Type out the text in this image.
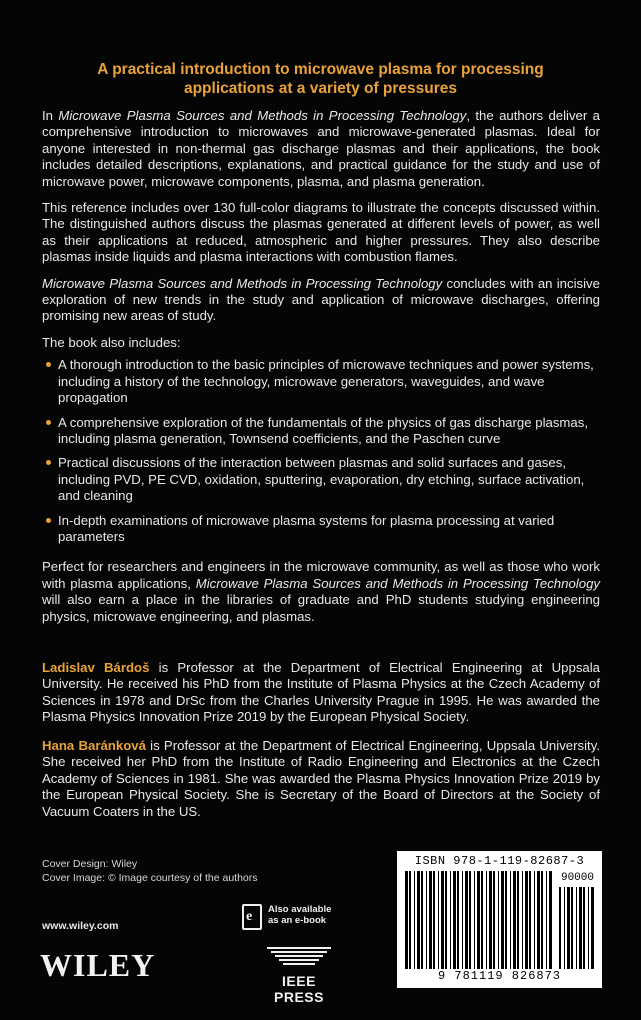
A practical introduction to microwave plasma for processing applications at a variety of pressures

In Microwave Plasma Sources and Methods in Processing Technology, the authors deliver a comprehensive introduction to microwaves and microwave-generated plasmas. Ideal for anyone interested in non-thermal gas discharge plasmas and their applications, the book includes detailed descriptions, explanations, and practical guidance for the study and use of microwave power, microwave components, plasma, and plasma generation.

This reference includes over 130 full-color diagrams to illustrate the concepts discussed within. The distinguished authors discuss the plasmas generated at different levels of power, as well as their applications at reduced, atmospheric and higher pressures. They also describe plasmas inside liquids and plasma interactions with combustion flames.

Microwave Plasma Sources and Methods in Processing Technology concludes with an incisive exploration of new trends in the study and application of microwave discharges, offering promising new areas of study.

The book also includes:

A thorough introduction to the basic principles of microwave techniques and power systems, including a history of the technology, microwave generators, waveguides, and wave propagation
A comprehensive exploration of the fundamentals of the physics of gas discharge plasmas, including plasma generation, Townsend coefficients, and the Paschen curve
Practical discussions of the interaction between plasmas and solid surfaces and gases, including PVD, PE CVD, oxidation, sputtering, evaporation, dry etching, surface activation, and cleaning
In-depth examinations of microwave plasma systems for plasma processing at varied parameters

Perfect for researchers and engineers in the microwave community, as well as those who work with plasma applications, Microwave Plasma Sources and Methods in Processing Technology will also earn a place in the libraries of graduate and PhD students studying engineering physics, microwave engineering, and plasmas.

Ladislav Bárdoš is Professor at the Department of Electrical Engineering at Uppsala University. He received his PhD from the Institute of Plasma Physics at the Czech Academy of Sciences in 1978 and DrSc from the Charles University Prague in 1995. He was awarded the Plasma Physics Innovation Prize 2019 by the European Physical Society.
Hana Baránková is Professor at the Department of Electrical Engineering, Uppsala University. She received her PhD from the Institute of Radio Engineering and Electronics at the Czech Academy of Sciences in 1981. She was awarded the Plasma Physics Innovation Prize 2019 by the European Physical Society. She is Secretary of the Board of Directors at the Society of Vacuum Coaters in the US.
Cover Design: Wiley
Cover Image: © Image courtesy of the authors
www.wiley.com
WILEY
e Also available
as an e-book
IEEE PRESS
ISBN 978-1-119-82687-3
90000
9 781119 826873
